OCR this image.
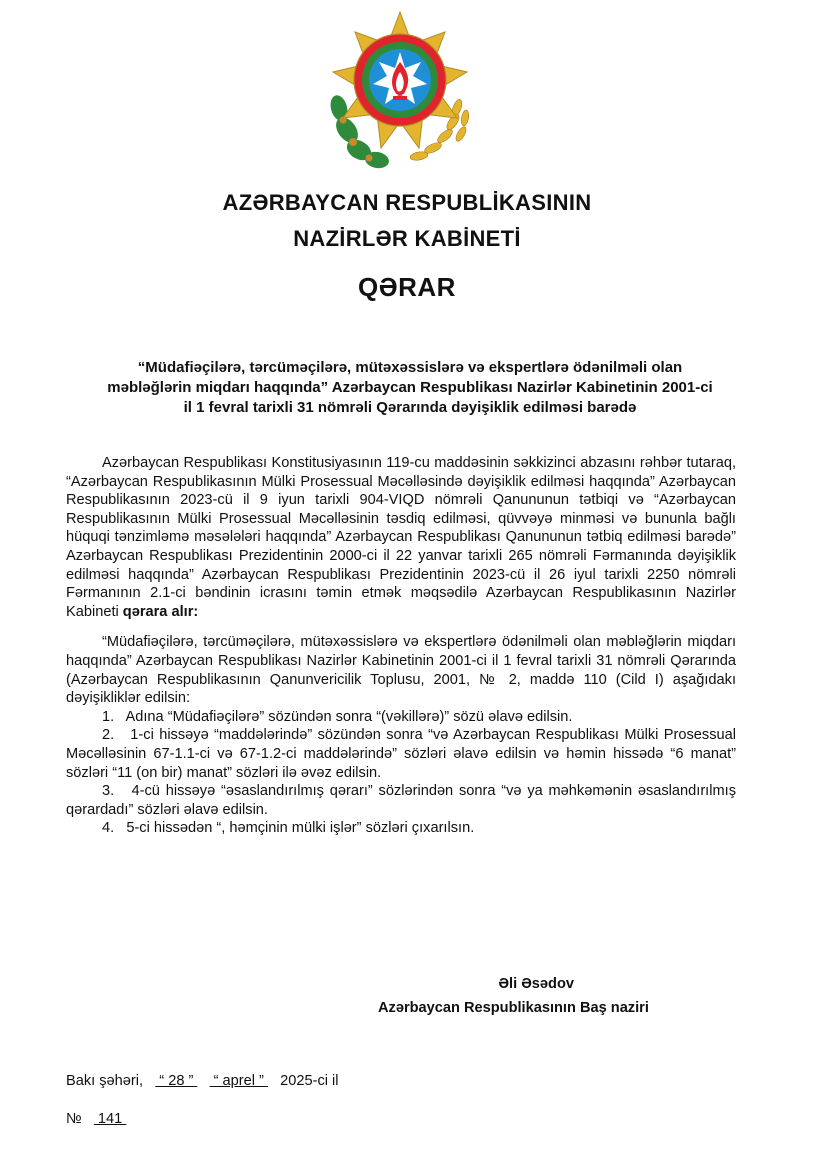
AZƏRBAYCAN RESPUBLİKASININ
NAZİRLƏR KABİNETİ
QƏRAR
“Müdafiəçilərə, tərcüməçilərə, mütəxəssislərə və ekspertlərə ödənilməli olan məbləğlərin miqdarı haqqında” Azərbaycan Respublikası Nazirlər Kabinetinin 2001-ci il 1 fevral tarixli 31 nömrəli Qərarında dəyişiklik edilməsi barədə

Azərbaycan Respublikası Konstitusiyasının 119-cu maddəsinin səkkizinci abzasını rəhbər tutaraq, “Azərbaycan Respublikasının Mülki Prosessual Məcəlləsində dəyişiklik edilməsi haqqında” Azərbaycan Respublikasının 2023-cü il 9 iyun tarixli 904-VIQD nömrəli Qanununun tətbiqi və “Azərbaycan Respublikasının Mülki Prosessual Məcəlləsinin təsdiq edilməsi, qüvvəyə minməsi və bununla bağlı hüquqi tənzimləmə məsələləri haqqında” Azərbaycan Respublikası Qanununun tətbiq edilməsi barədə” Azərbaycan Respublikası Prezidentinin 2000-ci il 22 yanvar tarixli 265 nömrəli Fərmanında dəyişiklik edilməsi haqqında” Azərbaycan Respublikası Prezidentinin 2023-cü il 26 iyul tarixli 2250 nömrəli Fərmanının 2.1-ci bəndinin icrasını təmin etmək məqsədilə Azərbaycan Respublikasının Nazirlər Kabineti qərara alır:

“Müdafiəçilərə, tərcüməçilərə, mütəxəssislərə və ekspertlərə ödənilməli olan məbləğlərin miqdarı haqqında” Azərbaycan Respublikası Nazirlər Kabinetinin 2001-ci il 1 fevral tarixli 31 nömrəli Qərarında (Azərbaycan Respublikasının Qanunvericilik Toplusu, 2001, № 2, maddə 110 (Cild I) aşağıdakı dəyişikliklər edilsin:

1.   Adına “Müdafiəçilərə” sözündən sonra “(vəkillərə)” sözü əlavə edilsin.

2.   1-ci hissəyə “maddələrində” sözündən sonra “və Azərbaycan Respublikası Mülki Prosessual Məcəlləsinin 67-1.1-ci və 67-1.2-ci maddələrində” sözləri əlavə edilsin və həmin hissədə “6 manat” sözləri “11 (on bir) manat” sözləri ilə əvəz edilsin.

3.   4-cü hissəyə “əsaslandırılmış qərarı” sözlərindən sonra “və ya məhkəmənin əsaslandırılmış qərardadı” sözləri əlavə edilsin.

4.   5-ci hissədən “, həmçinin mülki işlər” sözləri çıxarılsın.

Əli Əsədov
Azərbaycan Respublikasının Baş naziri
Bakı şəhəri,    “ 28 ”     “ aprel ”    2025-ci il
№    141
